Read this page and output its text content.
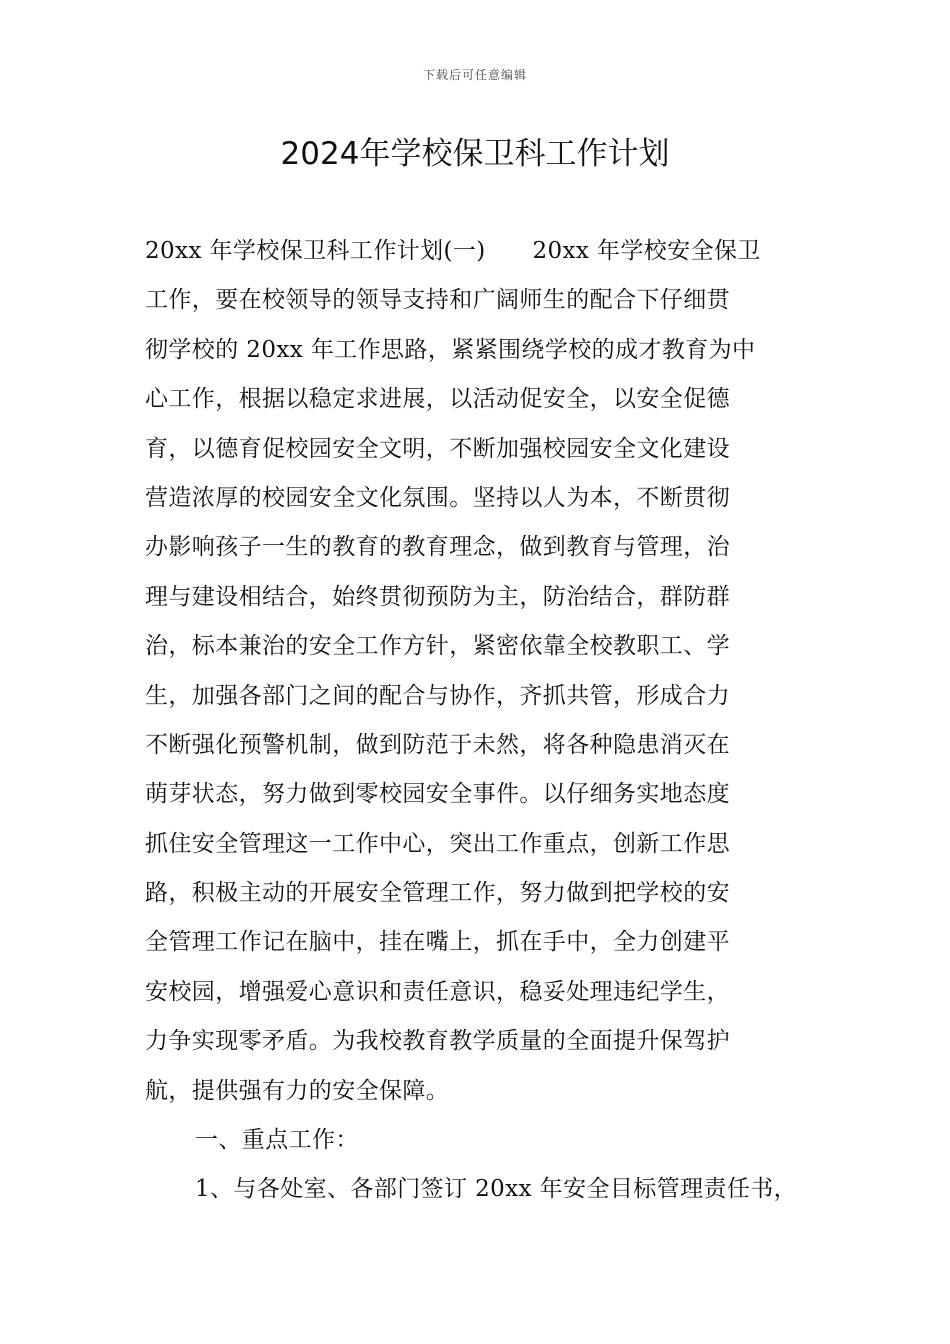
下载后可任意编辑
2024年学校保卫科工作计划
20xx 年学校保卫科工作计划(一)　　20xx 年学校安全保卫
工作，要在校领导的领导支持和广阔师生的配合下仔细贯
彻学校的 20xx 年工作思路，紧紧围绕学校的成才教育为中
心工作，根据以稳定求进展，以活动促安全，以安全促德
育，以德育促校园安全文明，不断加强校园安全文化建设
营造浓厚的校园安全文化氛围。坚持以人为本，不断贯彻
办影响孩子一生的教育的教育理念，做到教育与管理，治
理与建设相结合，始终贯彻预防为主，防治结合，群防群
治，标本兼治的安全工作方针，紧密依靠全校教职工、学
生，加强各部门之间的配合与协作，齐抓共管，形成合力
不断强化预警机制，做到防范于未然，将各种隐患消灭在
萌芽状态，努力做到零校园安全事件。以仔细务实地态度
抓住安全管理这一工作中心，突出工作重点，创新工作思
路，积极主动的开展安全管理工作，努力做到把学校的安
全管理工作记在脑中，挂在嘴上，抓在手中，全力创建平
安校园，增强爱心意识和责任意识，稳妥处理违纪学生，
力争实现零矛盾。为我校教育教学质量的全面提升保驾护
航，提供强有力的安全保障。
一、重点工作：
1、与各处室、各部门签订 20xx 年安全目标管理责任书，
